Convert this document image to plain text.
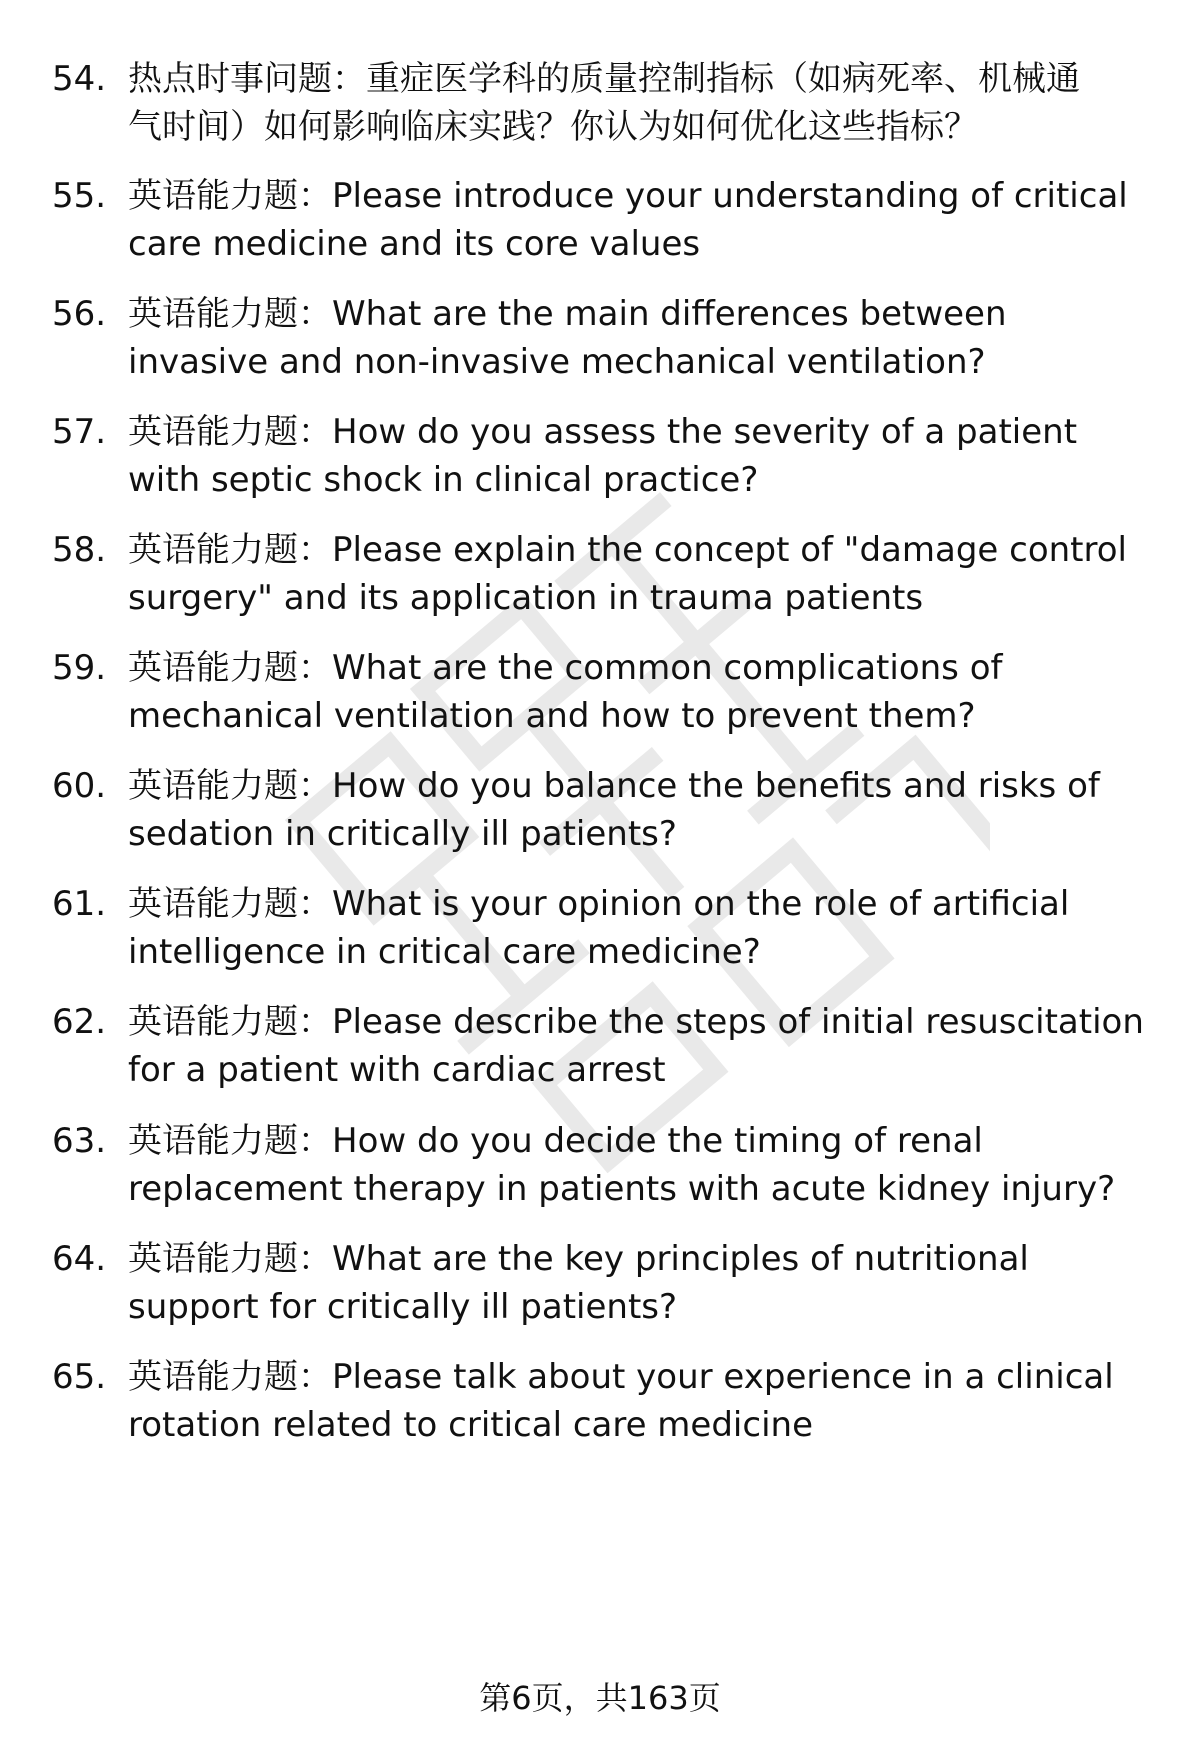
54. 热点时事问题：重症医学科的质量控制指标（如病死率、机械通
气时间）如何影响临床实践？你认为如何优化这些指标？
55. 英语能力题：Please introduce your understanding of critical
care medicine and its core values
56. 英语能力题：What are the main differences between
invasive and non-invasive mechanical ventilation?
57. 英语能力题：How do you assess the severity of a patient
with septic shock in clinical practice?
58. 英语能力题：Please explain the concept of "damage control
surgery" and its application in trauma patients
59. 英语能力题：What are the common complications of
mechanical ventilation and how to prevent them?
60. 英语能力题：How do you balance the benefits and risks of
sedation in critically ill patients?
61. 英语能力题：What is your opinion on the role of artificial
intelligence in critical care medicine?
62. 英语能力题：Please describe the steps of initial resuscitation
for a patient with cardiac arrest
63. 英语能力题：How do you decide the timing of renal
replacement therapy in patients with acute kidney injury?
64. 英语能力题：What are the key principles of nutritional
support for critically ill patients?
65. 英语能力题：Please talk about your experience in a clinical
rotation related to critical care medicine
第6页，共163页
